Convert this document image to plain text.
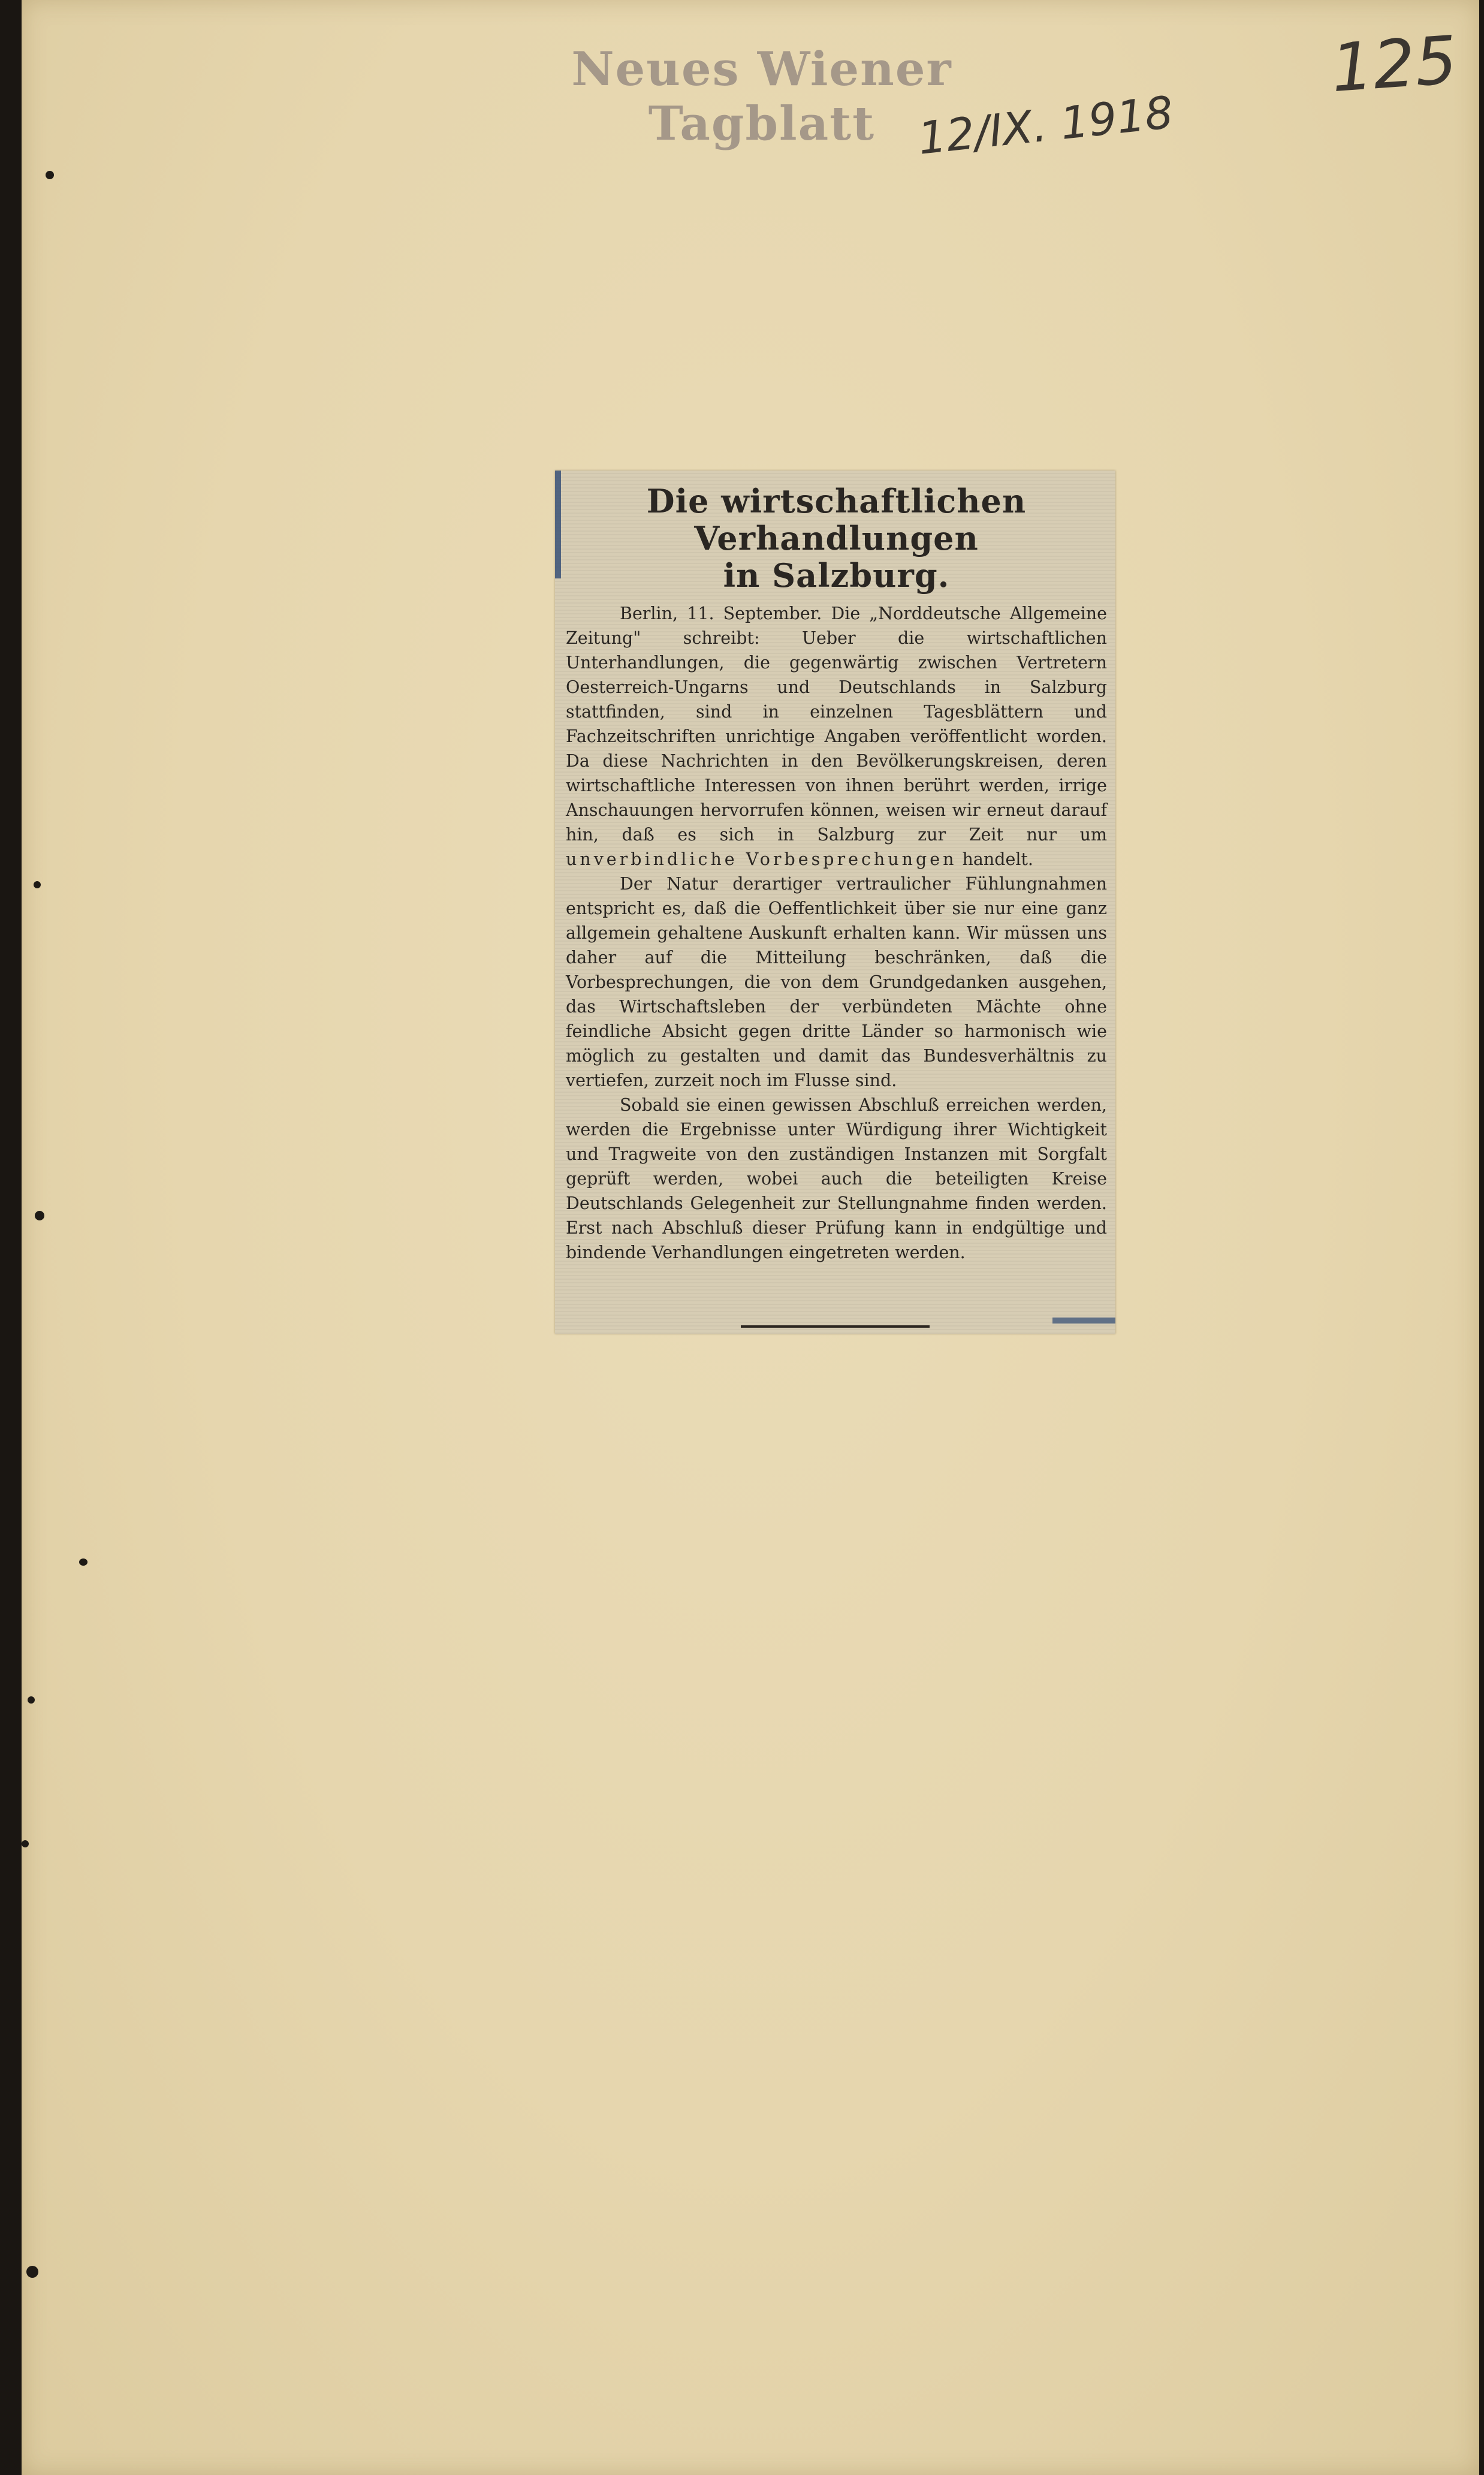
Neues Wiener Tagblatt 12/IX. 1918
125
Die wirtschaftlichen Verhandlungen
in Salzburg.

Berlin, 11. September. Die „Norddeutsche Allgemeine Zeitung" schreibt: Ueber die wirtschaftlichen Unterhandlungen, die gegenwärtig zwischen Vertretern Oesterreich-Ungarns und Deutschlands in Salzburg stattfinden, sind in einzelnen Tagesblättern und Fachzeitschriften unrichtige Angaben veröffentlicht worden. Da diese Nachrichten in den Bevölkerungskreisen, deren wirtschaftliche Interessen von ihnen berührt werden, irrige Anschauungen hervorrufen können, weisen wir erneut darauf hin, daß es sich in Salzburg zur Zeit nur um unverbindliche Vorbesprechungen handelt.

Der Natur derartiger vertraulicher Fühlungnahmen entspricht es, daß die Oeffentlichkeit über sie nur eine ganz allgemein gehaltene Auskunft erhalten kann. Wir müssen uns daher auf die Mitteilung beschränken, daß die Vorbesprechungen, die von dem Grundgedanken ausgehen, das Wirtschaftsleben der verbündeten Mächte ohne feindliche Absicht gegen dritte Länder so harmonisch wie möglich zu gestalten und damit das Bundesverhältnis zu vertiefen, zurzeit noch im Flusse sind.

Sobald sie einen gewissen Abschluß erreichen werden, werden die Ergebnisse unter Würdigung ihrer Wichtigkeit und Tragweite von den zuständigen Instanzen mit Sorgfalt geprüft werden, wobei auch die beteiligten Kreise Deutschlands Gelegenheit zur Stellungnahme finden werden. Erst nach Abschluß dieser Prüfung kann in endgültige und bindende Verhandlungen eingetreten werden.
